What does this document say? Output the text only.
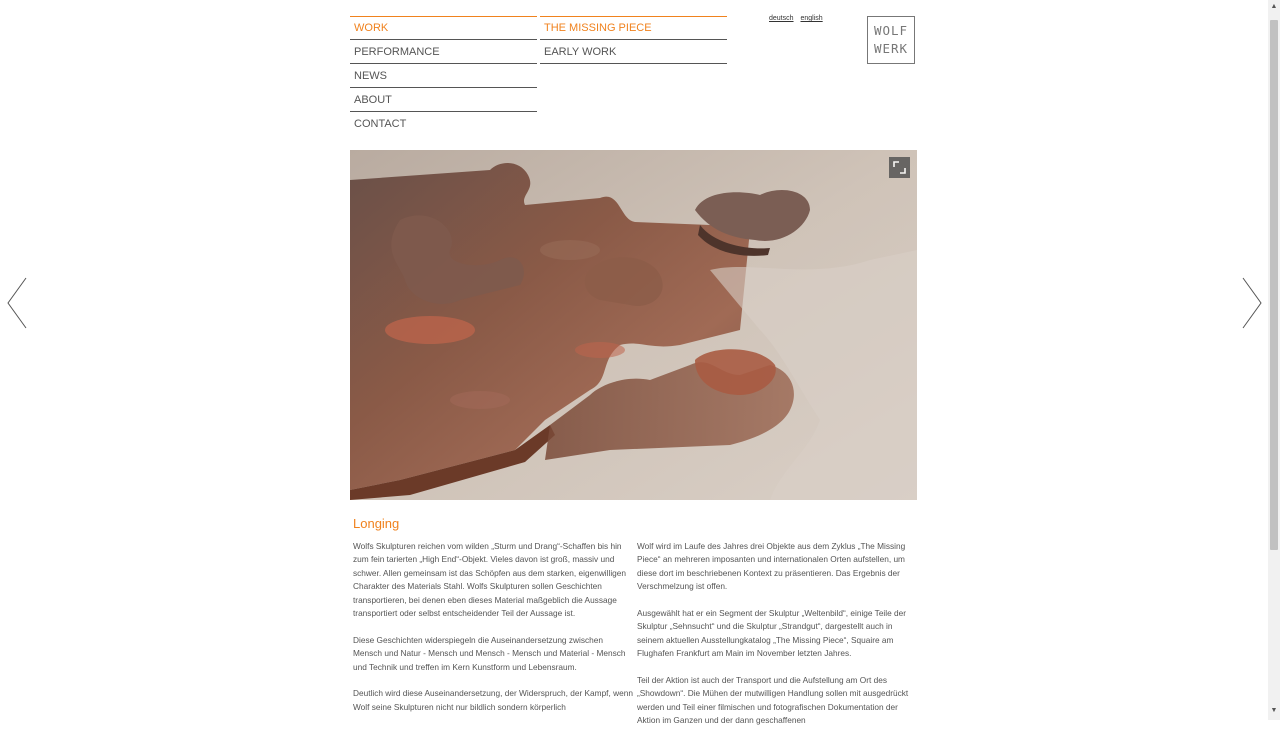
WORK
PERFORMANCE
NEWS
ABOUT
CONTACT
THE MISSING PIECE
EARLY WORK
deutsch english
WOLF
WERK
Longing

Wolfs Skulpturen reichen vom wilden „Sturm und Drang“-Schaffen bis hin zum fein tarierten „High End“-Objekt. Vieles davon ist groß, massiv und schwer. Allen gemeinsam ist das Schöpfen aus dem starken, eigenwilligen Charakter des Materials Stahl. Wolfs Skulpturen sollen Geschichten transportieren, bei denen eben dieses Material maßgeblich die Aussage transportiert oder selbst entscheidender Teil der Aussage ist.

Diese Geschichten widerspiegeln die Auseinandersetzung zwischen Mensch und Natur - Mensch und Mensch - Mensch und Material - Mensch und Technik und treffen im Kern Kunstform und Lebensraum.

Deutlich wird diese Auseinandersetzung, der Widerspruch, der Kampf, wenn Wolf seine Skulpturen nicht nur bildlich sondern körperlich

Wolf wird im Laufe des Jahres drei Objekte aus dem Zyklus „The Missing Piece“ an mehreren imposanten und internationalen Orten aufstellen, um diese dort im beschriebenen Kontext zu präsentieren. Das Ergebnis der Verschmelzung ist offen.

Ausgewählt hat er ein Segment der Skulptur „Weltenbild“, einige Teile der Skulptur „Sehnsucht“ und die Skulptur „Strandgut“, dargestellt auch in seinem aktuellen Ausstellungkatalog „The Missing Piece“, Squaire am Flughafen Frankfurt am Main im November letzten Jahres.

Teil der Aktion ist auch der Transport und die Aufstellung am Ort des „Showdown“. Die Mühen der mutwilligen Handlung sollen mit ausgedrückt werden und Teil einer filmischen und fotografischen Dokumentation der Aktion im Ganzen und der dann geschaffenen

▲
▼
